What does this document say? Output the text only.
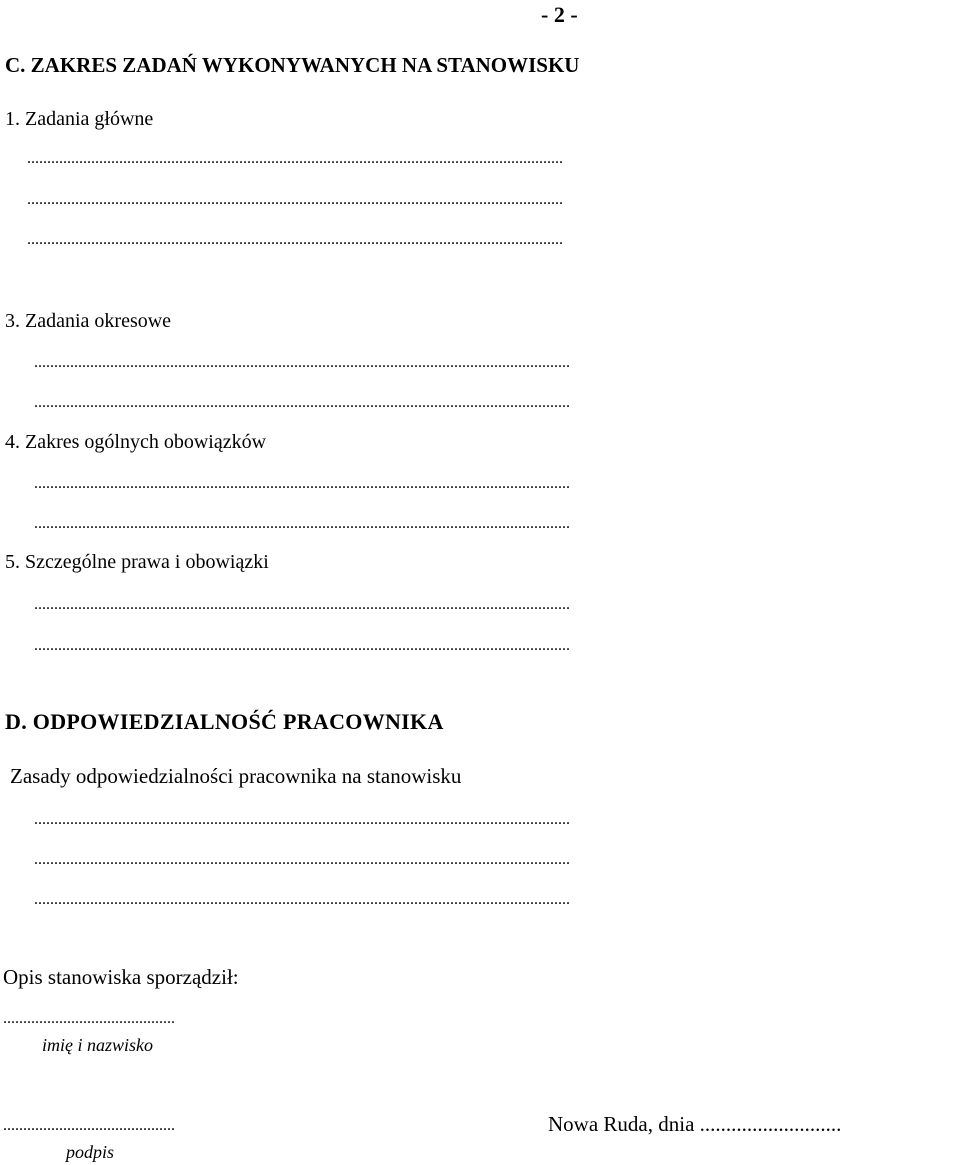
- 2 -
C. ZAKRES ZADAŃ WYKONYWANYCH NA STANOWISKU
1. Zadania główne
......................................................................................................................................
......................................................................................................................................
......................................................................................................................................
3. Zadania okresowe
......................................................................................................................................
......................................................................................................................................
4. Zakres ogólnych obowiązków
......................................................................................................................................
......................................................................................................................................
5. Szczególne prawa i obowiązki
......................................................................................................................................
......................................................................................................................................
D. ODPOWIEDZIALNOŚĆ PRACOWNIKA
Zasady odpowiedzialności pracownika na stanowisku
......................................................................................................................................
......................................................................................................................................
......................................................................................................................................
Opis stanowiska sporządził:
...........................................
imię i nazwisko
...........................................
podpis
Nowa Ruda, dnia ...........................
